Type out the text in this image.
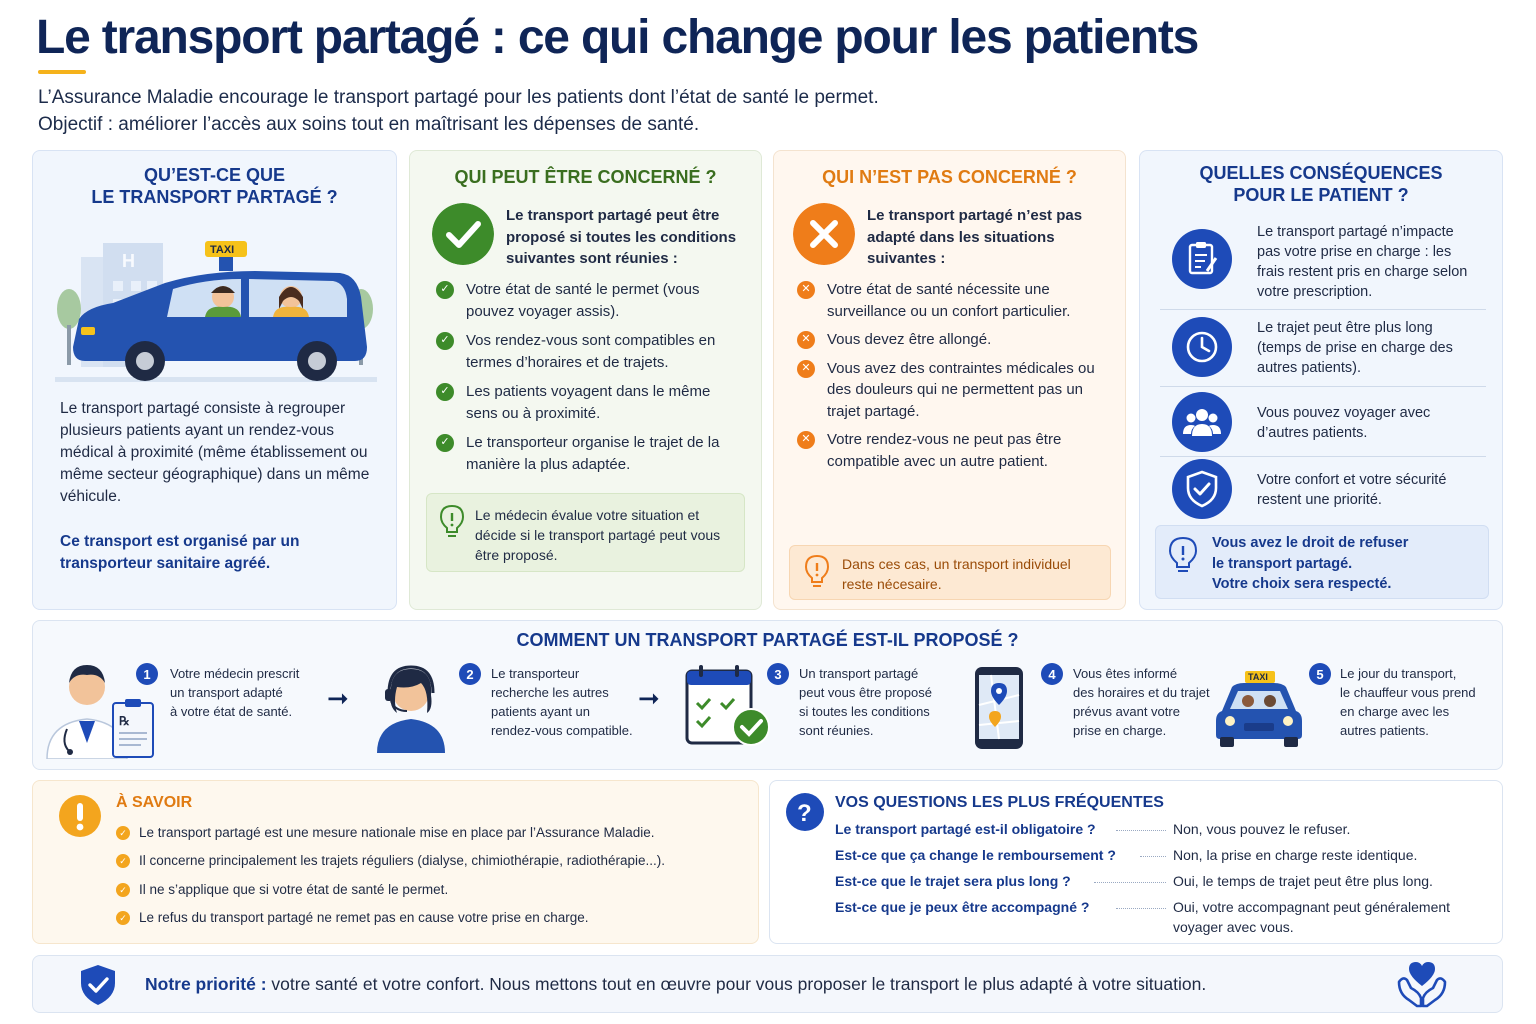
Le transport partagé : ce qui change pour les patients
L’Assurance Maladie encourage le transport partagé pour les patients dont l’état de santé le permet.
Objectif : améliorer l’accès aux soins tout en maîtrisant les dépenses de santé.
QU’EST-CE QUE
LE TRANSPORT PARTAGÉ ?
H
TAXI

Le transport partagé consiste à regrouper plusieurs patients ayant un rendez-vous médical à proximité (même établissement ou même secteur géographique) dans un même véhicule.

Ce transport est organisé par un transporteur sanitaire agréé.

QUI PEUT ÊTRE CONCERNÉ ?

Le transport partagé peut être proposé si toutes les conditions suivantes sont réunies :

✓ Votre état de santé le permet (vous pouvez voyager assis).
✓ Vos rendez-vous sont compatibles en termes d’horaires et de trajets.
✓ Les patients voyagent dans le même sens ou à proximité.
✓ Le transporteur organise le trajet de la manière la plus adaptée.
Le médecin évalue votre situation et décide si le transport partagé peut vous être proposé.
QUI N’EST PAS CONCERNÉ ?

Le transport partagé n’est pas adapté dans les situations suivantes :

✕ Votre état de santé nécessite une surveillance ou un confort particulier.
✕ Vous devez être allongé.
✕ Vous avez des contraintes médicales ou des douleurs qui ne permettent pas un trajet partagé.
✕ Votre rendez-vous ne peut pas être compatible avec un autre patient.
Dans ces cas, un transport individuel reste nécesaire.
QUELLES CONSÉQUENCES
POUR LE PATIENT ?
Le transport partagé n’impacte pas votre prise en charge : les frais restent pris en charge selon votre prescription.
Le trajet peut être plus long (temps de prise en charge des autres patients).
Vous pouvez voyager avec d’autres patients.
Votre confort et votre sécurité restent une priorité.
Vous avez le droit de refuser
le transport partagé.
Votre choix sera respecté.
COMMENT UN TRANSPORT PARTAGÉ EST-IL PROPOSÉ ?
℞
1	Votre médecin prescrit
un transport adapté
à votre état de santé. ➞
2	Le transporteur
recherche les autres
patients ayant un
rendez-vous compatible.
➞
3	Un transport partagé
peut vous être proposé
si toutes les conditions
sont réunies.
4	Vous êtes informé
des horaires et du trajet
prévus avant votre
prise en charge.
TAXI	5	Le jour du transport,
le chauffeur vous prend
en charge avec les
autres patients.
À SAVOIR
✓ Le transport partagé est une mesure nationale mise en place par l’Assurance Maladie.
✓ Il concerne principalement les trajets réguliers (dialyse, chimiothérapie, radiothérapie...).
✓ Il ne s’applique que si votre état de santé le permet.
✓ Le refus du transport partagé ne remet pas en cause votre prise en charge.
? VOS QUESTIONS LES PLUS FRÉQUENTES
Le transport partagé est-il obligatoire ?	Non, vous pouvez le refuser.
Est-ce que ça change le remboursement ?	Non, la prise en charge reste identique.
Est-ce que le trajet sera plus long ?	Oui, le temps de trajet peut être plus long.
Est-ce que je peux être accompagné ?	Oui, votre accompagnant peut généralement voyager avec vous.
Notre priorité : votre santé et votre confort. Nous mettons tout en œuvre pour vous proposer le transport le plus adapté à votre situation.
